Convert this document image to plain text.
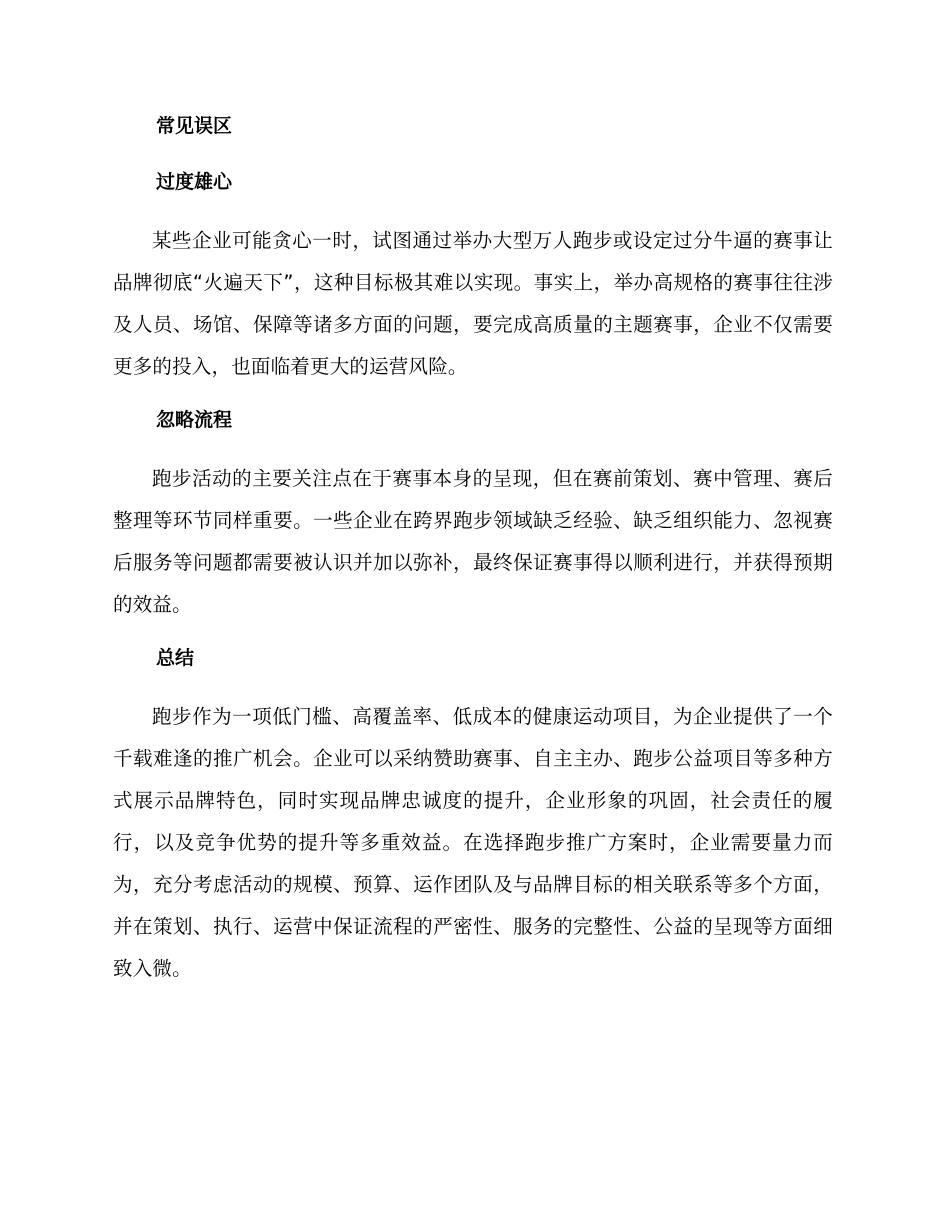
常见误区
过度雄心

某些企业可能贪心一时，试图通过举办大型万人跑步或设定过分牛逼的赛事让品牌彻底“火遍天下”，这种目标极其难以实现。事实上，举办高规格的赛事往往涉及人员、场馆、保障等诸多方面的问题，要完成高质量的主题赛事，企业不仅需要更多的投入，也面临着更大的运营风险。

忽略流程

跑步活动的主要关注点在于赛事本身的呈现，但在赛前策划、赛中管理、赛后整理等环节同样重要。一些企业在跨界跑步领域缺乏经验、缺乏组织能力、忽视赛后服务等问题都需要被认识并加以弥补，最终保证赛事得以顺利进行，并获得预期的效益。

总结

跑步作为一项低门槛、高覆盖率、低成本的健康运动项目，为企业提供了一个千载难逢的推广机会。企业可以采纳赞助赛事、自主主办、跑步公益项目等多种方式展示品牌特色，同时实现品牌忠诚度的提升，企业形象的巩固，社会责任的履行，以及竞争优势的提升等多重效益。在选择跑步推广方案时，企业需要量力而为，充分考虑活动的规模、预算、运作团队及与品牌目标的相关联系等多个方面，并在策划、执行、运营中保证流程的严密性、服务的完整性、公益的呈现等方面细致入微。
